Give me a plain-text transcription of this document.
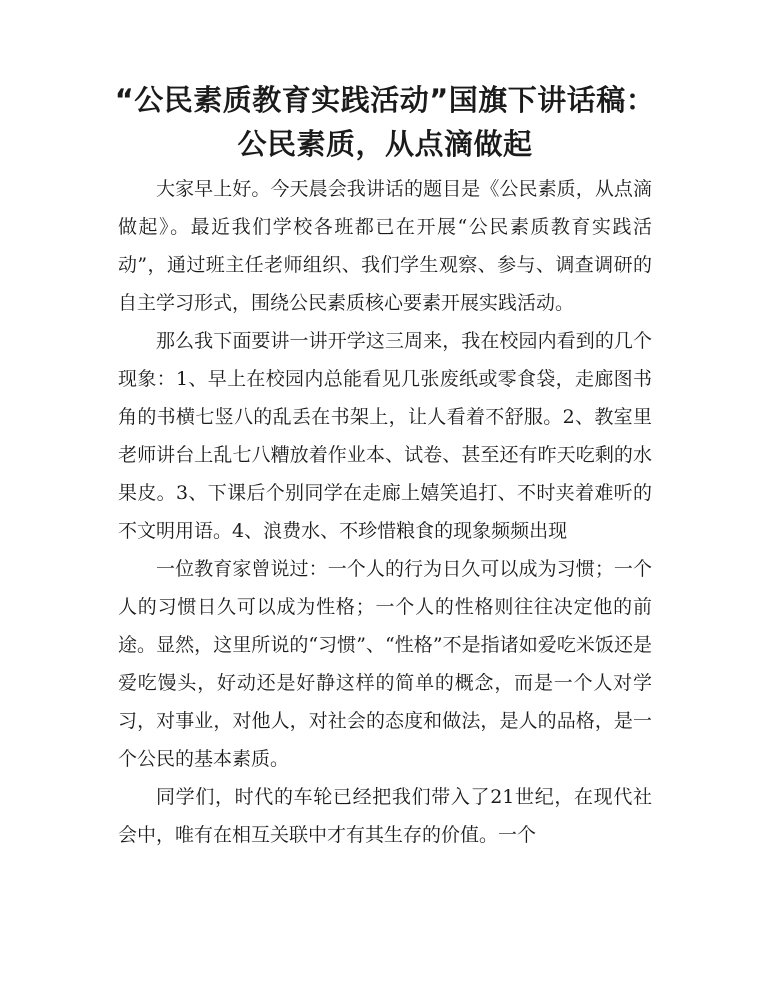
“公民素质教育实践活动”国旗下讲话稿：公民素质，从点滴做起

大家早上好。今天晨会我讲话的题目是《公民素质，从点滴做起》。最近我们学校各班都已在开展“公民素质教育实践活动”，通过班主任老师组织、我们学生观察、参与、调查调研的自主学习形式，围绕公民素质核心要素开展实践活动。

那么我下面要讲一讲开学这三周来，我在校园内看到的几个现象：1、早上在校园内总能看见几张废纸或零食袋，走廊图书角的书横七竖八的乱丢在书架上，让人看着不舒服。2、教室里老师讲台上乱七八糟放着作业本、试卷、甚至还有昨天吃剩的水果皮。3、下课后个别同学在走廊上嬉笑追打、不时夹着难听的不文明用语。4、浪费水、不珍惜粮食的现象频频出现

一位教育家曾说过：一个人的行为日久可以成为习惯；一个人的习惯日久可以成为性格；一个人的性格则往往决定他的前途。显然，这里所说的“习惯”、“性格”不是指诸如爱吃米饭还是爱吃馒头，好动还是好静这样的简单的概念，而是一个人对学习，对事业，对他人，对社会的态度和做法，是人的品格，是一个公民的基本素质。

同学们，时代的车轮已经把我们带入了21世纪，在现代社会中，唯有在相互关联中才有其生存的价值。一个
